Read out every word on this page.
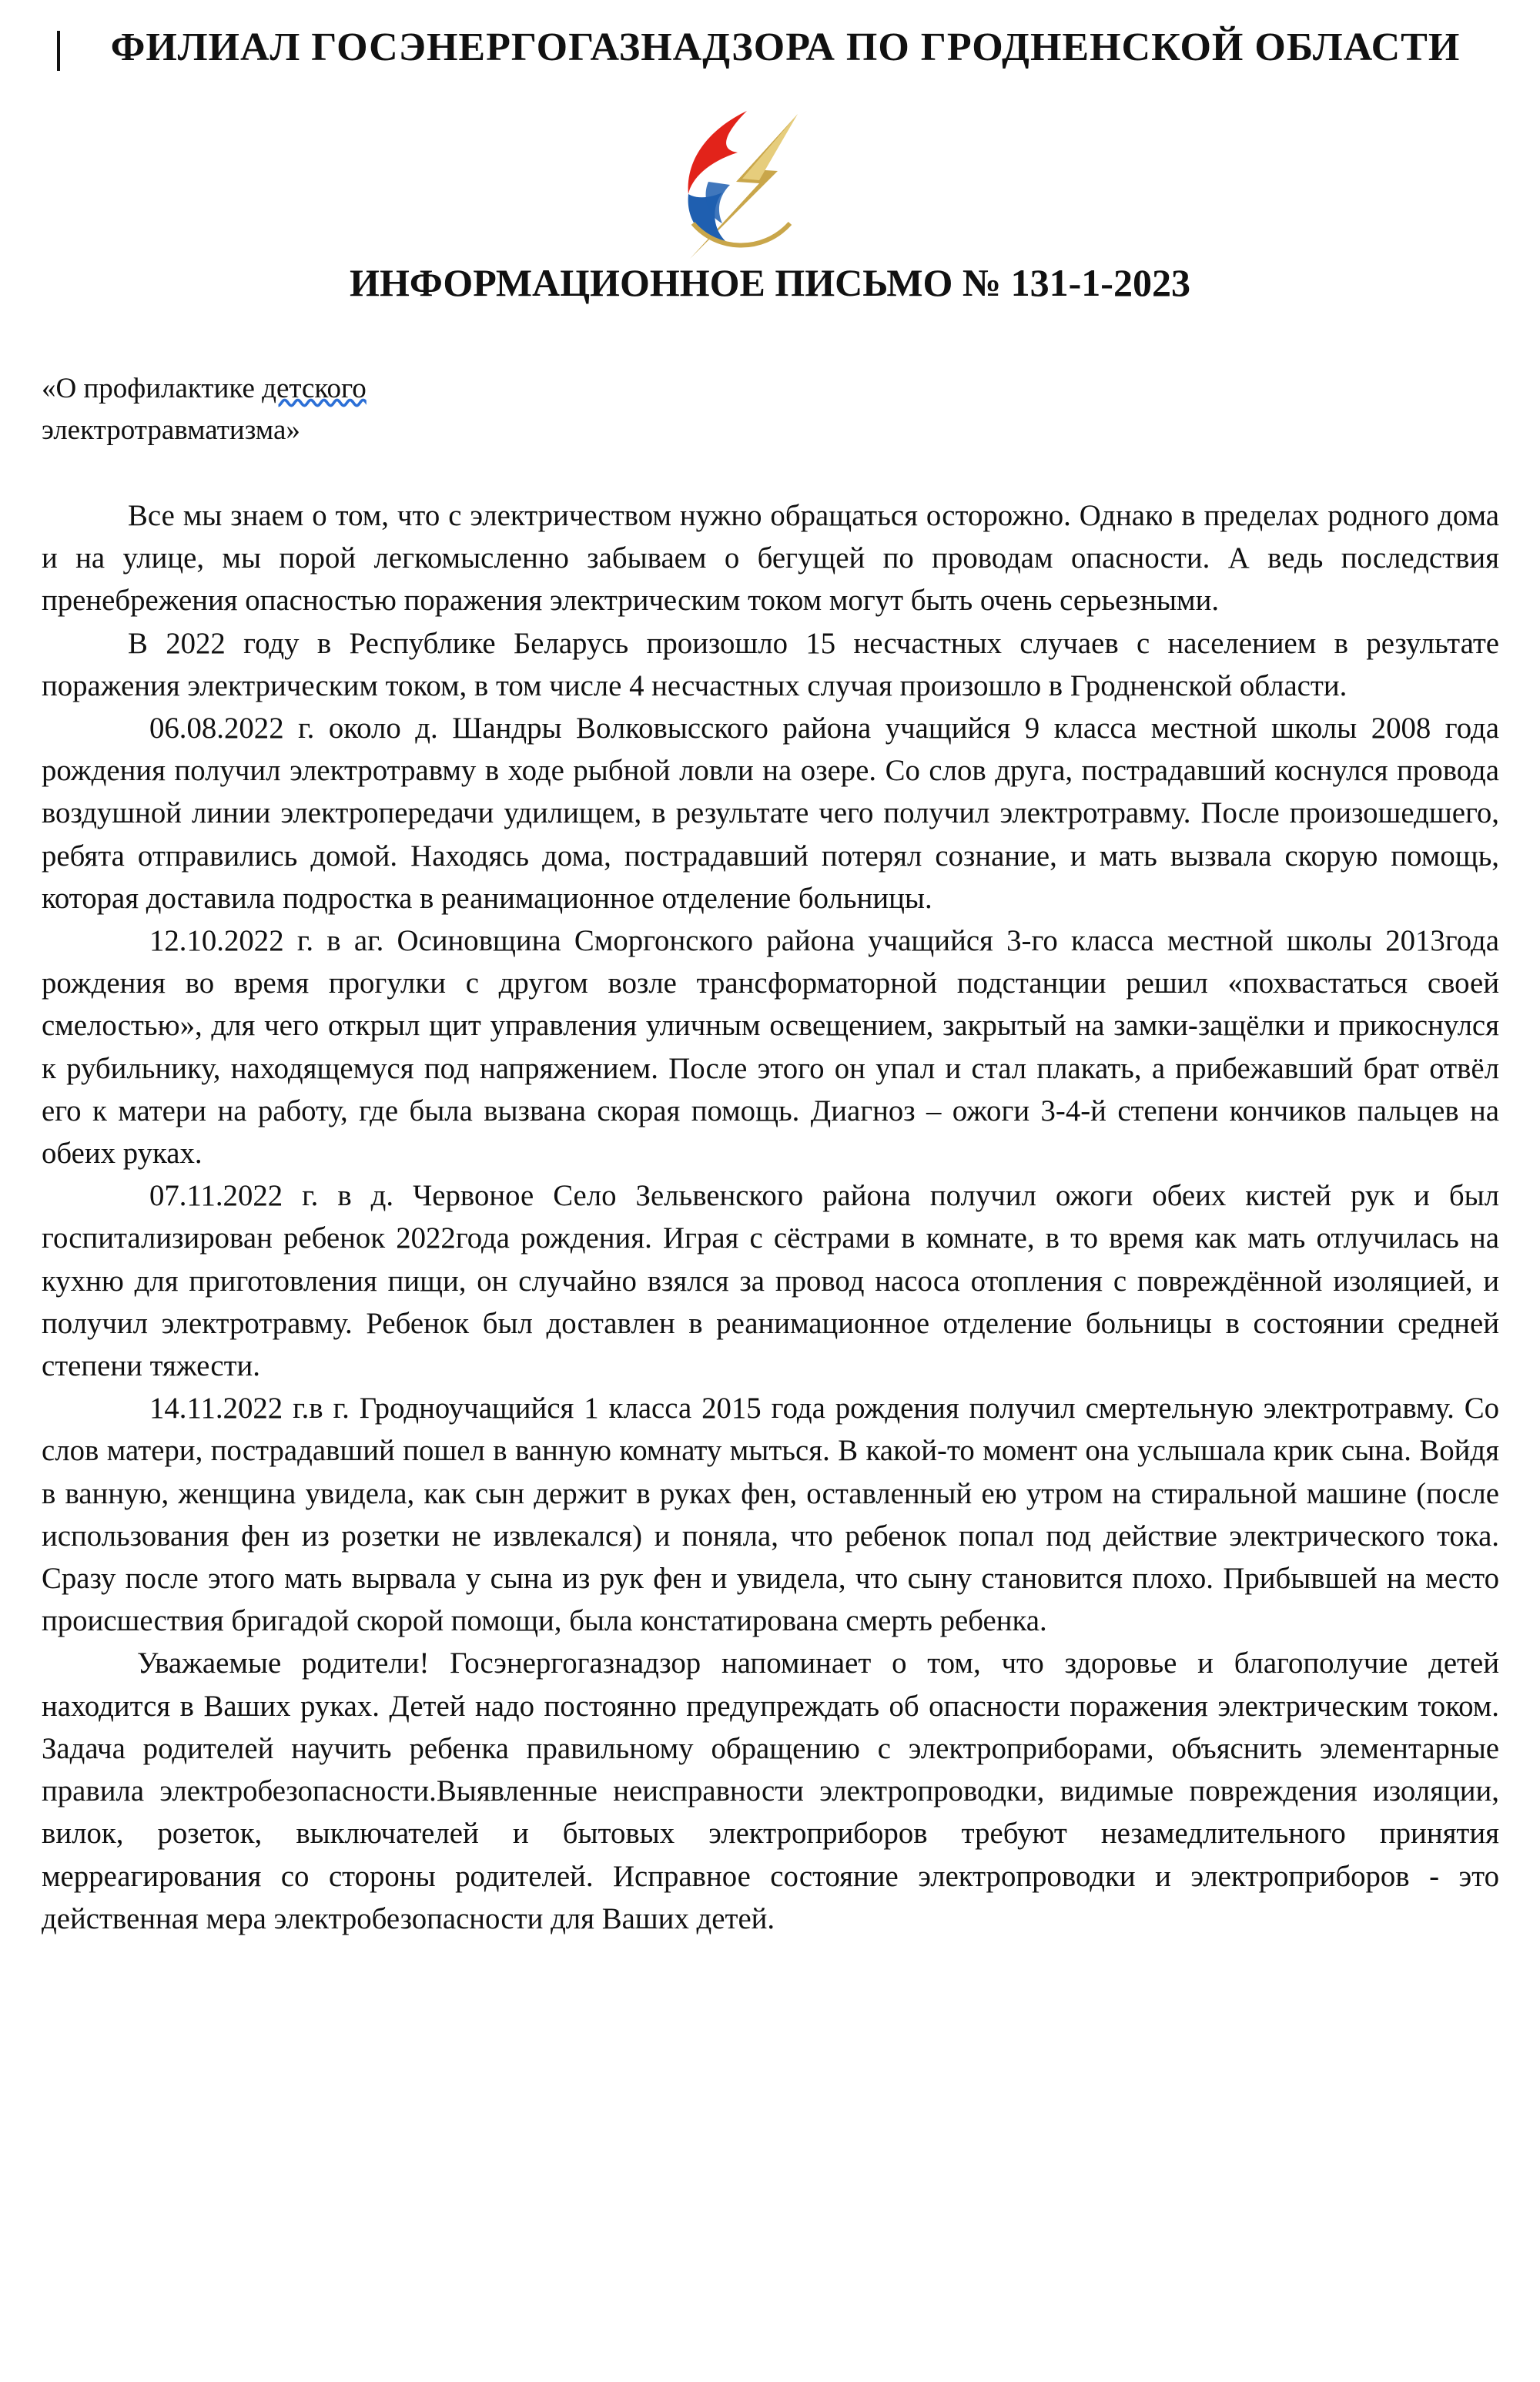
ФИЛИАЛ ГОСЭНЕРГОГАЗНАДЗОРА ПО ГРОДНЕНСКОЙ ОБЛАСТИ
ИНФОРМАЦИОННОЕ ПИСЬМО № 131-1-2023
«О профилактике детского
электротравматизма»

Все мы знаем о том, что с электричеством нужно обращаться осторожно. Однако в пределах родного дома и на улице, мы порой легкомысленно забываем о бегущей по проводам опасности. А ведь последствия пренебрежения опасностью поражения электрическим током могут быть очень серьезными.

В 2022 году в Республике Беларусь произошло 15 несчастных случаев с населением в результате поражения электрическим током, в том числе 4 несчастных случая произошло в Гродненской области.

06.08.2022 г. около д. Шандры Волковысского района учащийся 9 класса местной школы 2008 года рождения получил электротравму в ходе рыбной ловли на озере. Со слов друга, пострадавший коснулся провода воздушной линии электропередачи удилищем, в результате чего получил электротравму. После произошедшего, ребята отправились домой. Находясь дома, пострадавший потерял сознание, и мать вызвала скорую помощь, которая доставила подростка в реанимационное отделение больницы.

12.10.2022 г. в аг. Осиновщина Сморгонского района учащийся 3-го класса местной школы 2013года рождения во время прогулки с другом возле трансформаторной подстанции решил «похвастаться своей смелостью», для чего открыл щит управления уличным освещением, закрытый на замки-защёлки и прикоснулся к рубильнику, находящемуся под напряжением. После этого он упал и стал плакать, а прибежавший брат отвёл его к матери на работу, где была вызвана скорая помощь. Диагноз – ожоги 3-4-й степени кончиков пальцев на обеих руках.

07.11.2022 г. в д. Червоное Село Зельвенского района получил ожоги обеих кистей рук и был госпитализирован ребенок 2022года рождения. Играя с сёстрами в комнате, в то время как мать отлучилась на кухню для приготовления пищи, он случайно взялся за провод насоса отопления с повреждённой изоляцией, и получил электротравму. Ребенок был доставлен в реанимационное отделение больницы в состоянии средней степени тяжести.

14.11.2022 г.в г. Гродноучащийся 1 класса 2015 года рождения получил смертельную электротравму. Со слов матери, пострадавший пошел в ванную комнату мыться. В какой-то момент она услышала крик сына. Войдя в ванную, женщина увидела, как сын держит в руках фен, оставленный ею утром на стиральной машине (после использования фен из розетки не извлекался) и поняла, что ребенок попал под действие электрического тока. Сразу после этого мать вырвала у сына из рук фен и увидела, что сыну становится плохо. Прибывшей на место происшествия бригадой скорой помощи, была констатирована смерть ребенка.

Уважаемые родители! Госэнергогазнадзор напоминает о том, что здоровье и благополучие детей находится в Ваших руках. Детей надо постоянно предупреждать об опасности поражения электрическим током. Задача родителей научить ребенка правильному обращению с электроприборами, объяснить элементарные правила электробезопасности.Выявленные неисправности электропроводки, видимые повреждения изоляции, вилок, розеток, выключателей и бытовых электроприборов требуют незамедлительного принятия мерреагирования со стороны родителей. Исправное состояние электропроводки и электроприборов - это действенная мера электробезопасности для Ваших детей.
